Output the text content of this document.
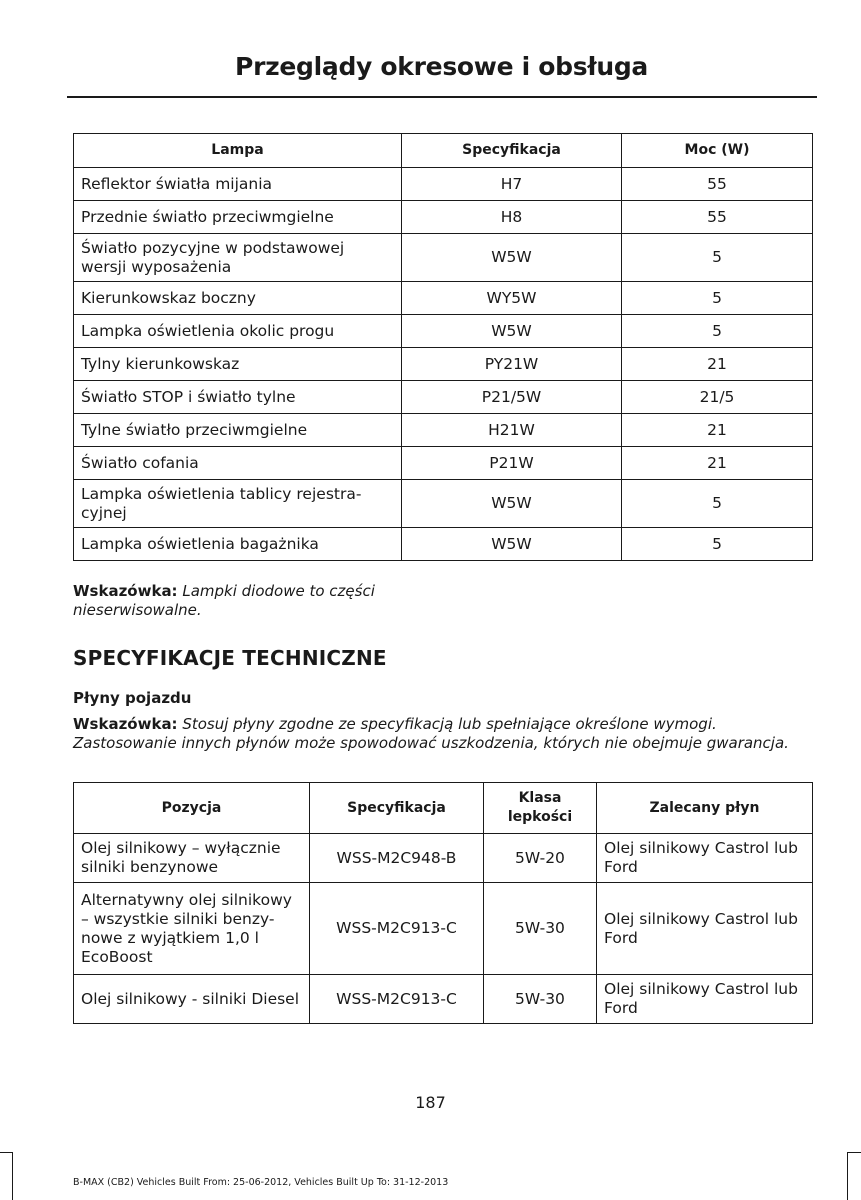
Przeglądy okresowe i obsługa
Lampa	Specyfikacja	Moc (W)
Reflektor światła mijania	H7	55
Przednie światło przeciwmgielne	H8	55
Światło pozycyjne w podstawowej wersji wyposażenia	W5W	5
Kierunkowskaz boczny	WY5W	5
Lampka oświetlenia okolic progu	W5W	5
Tylny kierunkowskaz	PY21W	21
Światło STOP i światło tylne	P21/5W	21/5
Tylne światło przeciwmgielne	H21W	21
Światło cofania	P21W	21
Lampka oświetlenia tablicy rejestra-cyjnej	W5W	5
Lampka oświetlenia bagażnika	W5W	5
Wskazówka: Lampki diodowe to części nieserwisowalne.
SPECYFIKACJE TECHNICZNE
Płyny pojazdu
Wskazówka: Stosuj płyny zgodne ze specyfikacją lub spełniające określone wymogi. Zastosowanie innych płynów może spowodować uszkodzenia, których nie obejmuje gwarancja.
Pozycja	Specyfikacja	Klasa lepkości	Zalecany płyn
Olej silnikowy – wyłącznie silniki benzynowe	WSS-M2C948-B	5W-20	Olej silnikowy Castrol lub Ford
Alternatywny olej silnikowy – wszystkie silniki benzy-nowe z wyjątkiem 1,0 l EcoBoost	WSS-M2C913-C	5W-30	Olej silnikowy Castrol lub Ford
Olej silnikowy - silniki Diesel	WSS-M2C913-C	5W-30	Olej silnikowy Castrol lub Ford
187
B-MAX (CB2) Vehicles Built From: 25-06-2012, Vehicles Built Up To: 31-12-2013
